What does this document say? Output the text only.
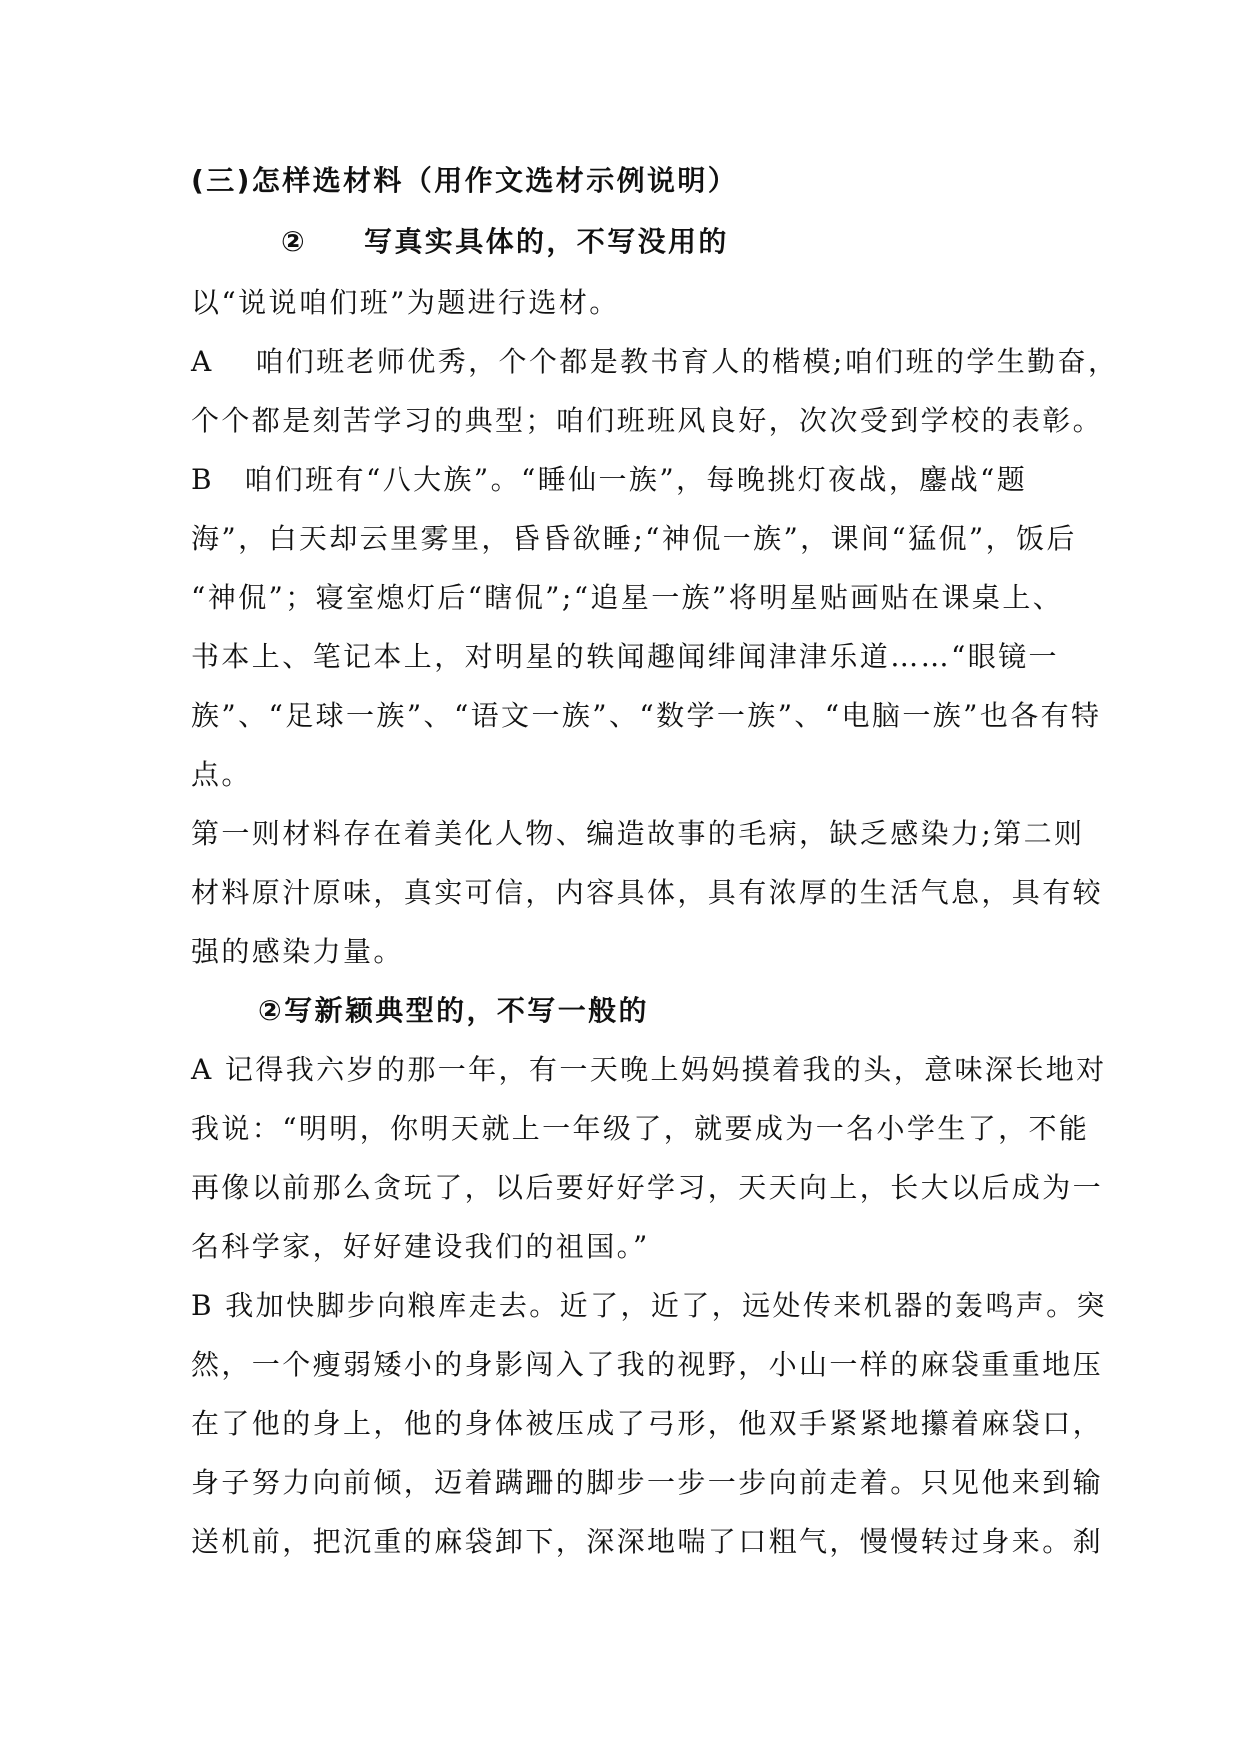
(三)怎样选材料（用作文选材示例说明）
② 写真实具体的，不写没用的
以“说说咱们班”为题进行选材。
A　 咱们班老师优秀，个个都是教书育人的楷模;咱们班的学生勤奋，
个个都是刻苦学习的典型；咱们班班风良好，次次受到学校的表彰。
B　咱们班有“八大族”。“睡仙一族”，每晚挑灯夜战，鏖战“题
海”，白天却云里雾里，昏昏欲睡;“神侃一族”，课间“猛侃”，饭后
“神侃”；寝室熄灯后“瞎侃”;“追星一族”将明星贴画贴在课桌上、
书本上、笔记本上，对明星的轶闻趣闻绯闻津津乐道……“眼镜一
族”、“足球一族”、“语文一族”、“数学一族”、“电脑一族”也各有特
点。
第一则材料存在着美化人物、编造故事的毛病，缺乏感染力;第二则
材料原汁原味，真实可信，内容具体，具有浓厚的生活气息，具有较
强的感染力量。
②写新颖典型的，不写一般的
A 记得我六岁的那一年，有一天晚上妈妈摸着我的头，意味深长地对
我说：“明明，你明天就上一年级了，就要成为一名小学生了，不能
再像以前那么贪玩了，以后要好好学习，天天向上，长大以后成为一
名科学家，好好建设我们的祖国。”
B 我加快脚步向粮库走去。近了，近了，远处传来机器的轰鸣声。突
然，一个瘦弱矮小的身影闯入了我的视野，小山一样的麻袋重重地压
在了他的身上，他的身体被压成了弓形，他双手紧紧地攥着麻袋口，
身子努力向前倾，迈着蹒跚的脚步一步一步向前走着。只见他来到输
送机前，把沉重的麻袋卸下，深深地喘了口粗气，慢慢转过身来。刹
